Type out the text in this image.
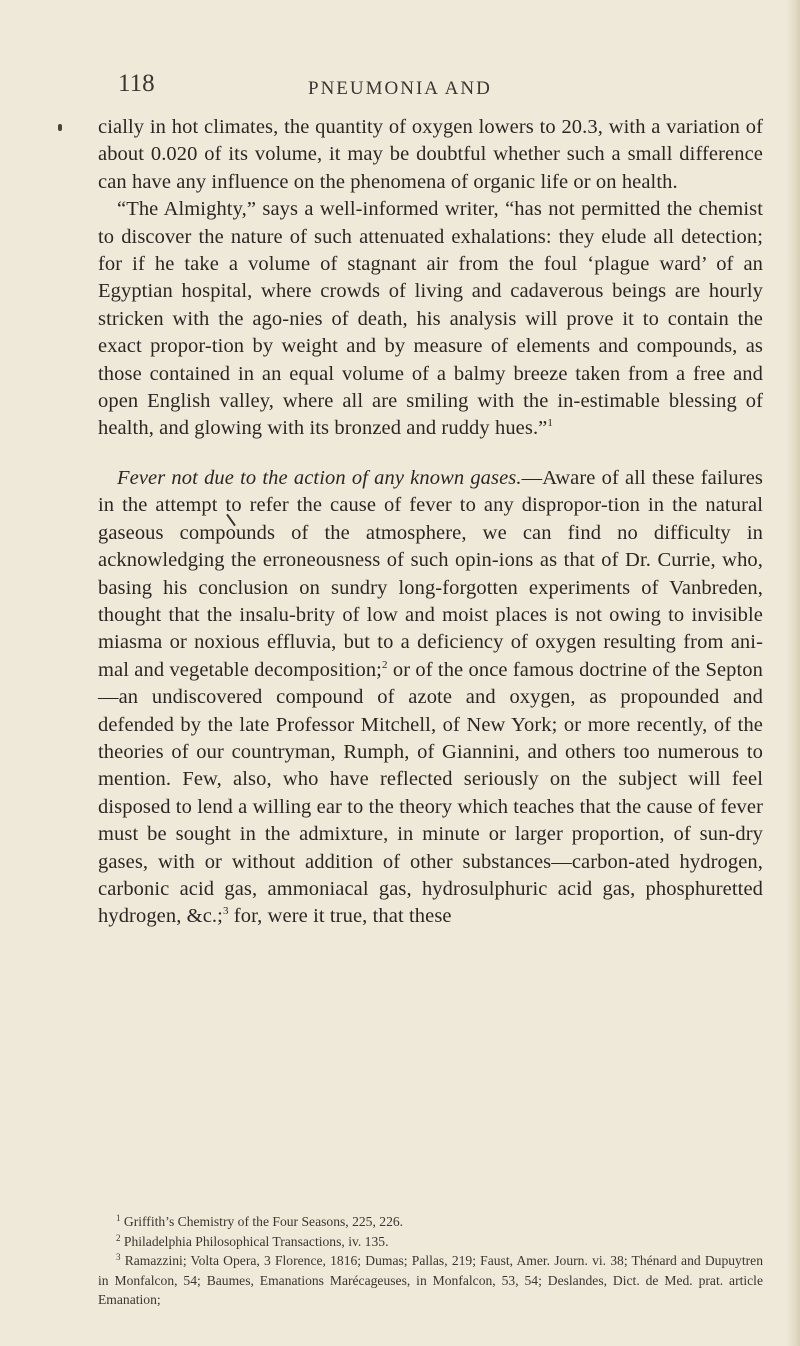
118	PNEUMONIA AND

cially in hot climates, the quantity of oxygen lowers to 20.3, with a variation of about 0.020 of its volume, it may be doubtful whether such a small difference can have any influence on the phenomena of organic life or on health.

“The Almighty,” says a well-informed writer, “has not permitted the chemist to discover the nature of such attenuated exhalations: they elude all detection; for if he take a volume of stagnant air from the foul ‘plague ward’ of an Egyptian hospital, where crowds of living and cadaverous beings are hourly stricken with the ago-nies of death, his analysis will prove it to contain the exact propor-tion by weight and by measure of elements and compounds, as those contained in an equal volume of a balmy breeze taken from a free and open English valley, where all are smiling with the in-estimable blessing of health, and glowing with its bronzed and ruddy hues.”$^1$

Fever not due to the action of any known gases.—Aware of all these failures in the attempt to refer the cause of fever to any dispropor-tion in the natural gaseous compounds of the atmosphere, we can find no difficulty in acknowledging the erroneousness of such opin-ions as that of Dr. Currie, who, basing his conclusion on sundry long-forgotten experiments of Vanbreden, thought that the insalu-brity of low and moist places is not owing to invisible miasma or noxious effluvia, but to a deficiency of oxygen resulting from ani-mal and vegetable decomposition;$^2$ or of the once famous doctrine of the Septon—an undiscovered compound of azote and oxygen, as propounded and defended by the late Professor Mitchell, of New York; or more recently, of the theories of our countryman, Rumph, of Giannini, and others too numerous to mention. Few, also, who have reflected seriously on the subject will feel disposed to lend a willing ear to the theory which teaches that the cause of fever must be sought in the admixture, in minute or larger proportion, of sun-dry gases, with or without addition of other substances—carbon-ated hydrogen, carbonic acid gas, ammoniacal gas, hydrosulphuric acid gas, phosphuretted hydrogen, &c.;$^3$ for, were it true, that these

$^1$ Griffith’s Chemistry of the Four Seasons, 225, 226.

$^2$ Philadelphia Philosophical Transactions, iv. 135.

$^3$ Ramazzini; Volta Opera, 3 Florence, 1816; Dumas; Pallas, 219; Faust, Amer. Journ. vi. 38; Thénard and Dupuytren in Monfalcon, 54; Baumes, Emanations Marécageuses, in Monfalcon, 53, 54; Deslandes, Dict. de Med. prat. article Emanation;
